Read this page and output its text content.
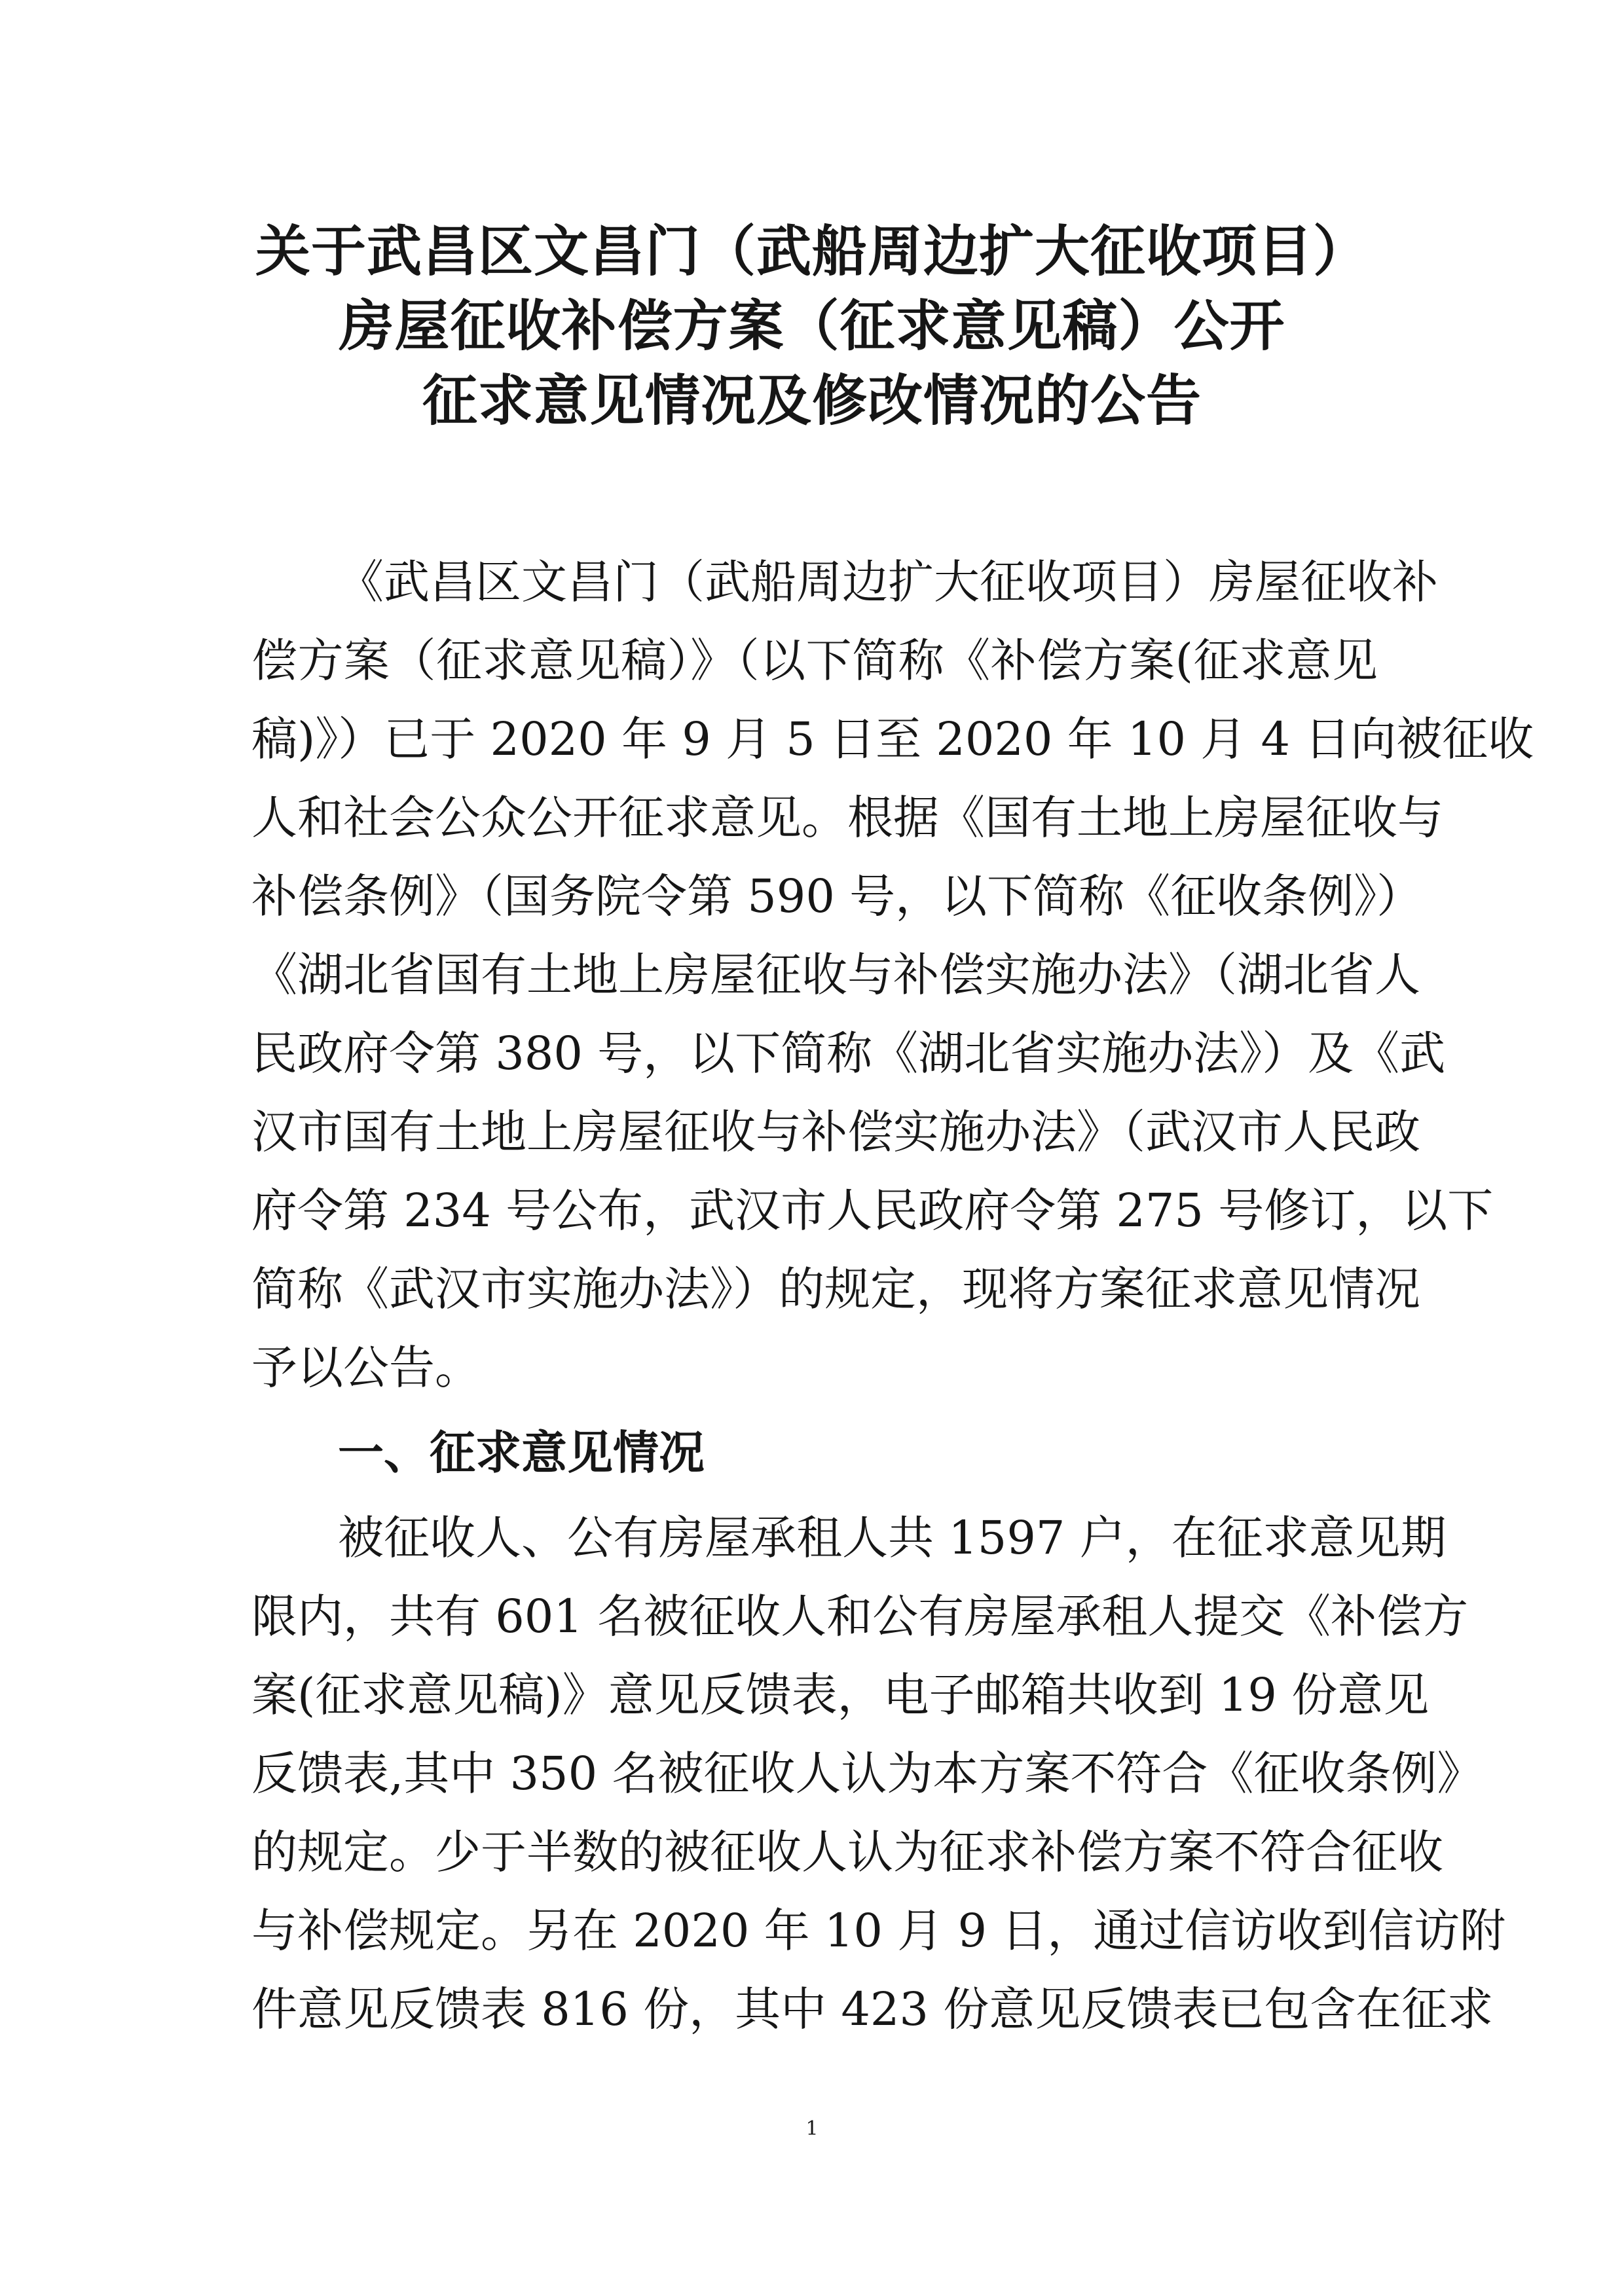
关于武昌区文昌门（武船周边扩大征收项目）
房屋征收补偿方案（征求意见稿）公开
征求意见情况及修改情况的公告
《武昌区文昌门（武船周边扩大征收项目）房屋征收补
偿方案（征求意见稿）》（以下简称《补偿方案(征求意见
稿)》）已于 2020 年 9 月 5 日至 2020 年 10 月 4 日向被征收
人和社会公众公开征求意见。根据《国有土地上房屋征收与
补偿条例》（国务院令第 590 号，以下简称《征收条例》）
《湖北省国有土地上房屋征收与补偿实施办法》（湖北省人
民政府令第 380 号，以下简称《湖北省实施办法》）及《武
汉市国有土地上房屋征收与补偿实施办法》（武汉市人民政
府令第 234 号公布，武汉市人民政府令第 275 号修订，以下
简称《武汉市实施办法》）的规定，现将方案征求意见情况
予以公告。
一、征求意见情况
被征收人、公有房屋承租人共 1597 户，在征求意见期
限内，共有 601 名被征收人和公有房屋承租人提交《补偿方
案(征求意见稿)》意见反馈表，电子邮箱共收到 19 份意见
反馈表,其中 350 名被征收人认为本方案不符合《征收条例》
的规定。少于半数的被征收人认为征求补偿方案不符合征收
与补偿规定。另在 2020 年 10 月 9 日，通过信访收到信访附
件意见反馈表 816 份，其中 423 份意见反馈表已包含在征求
1
